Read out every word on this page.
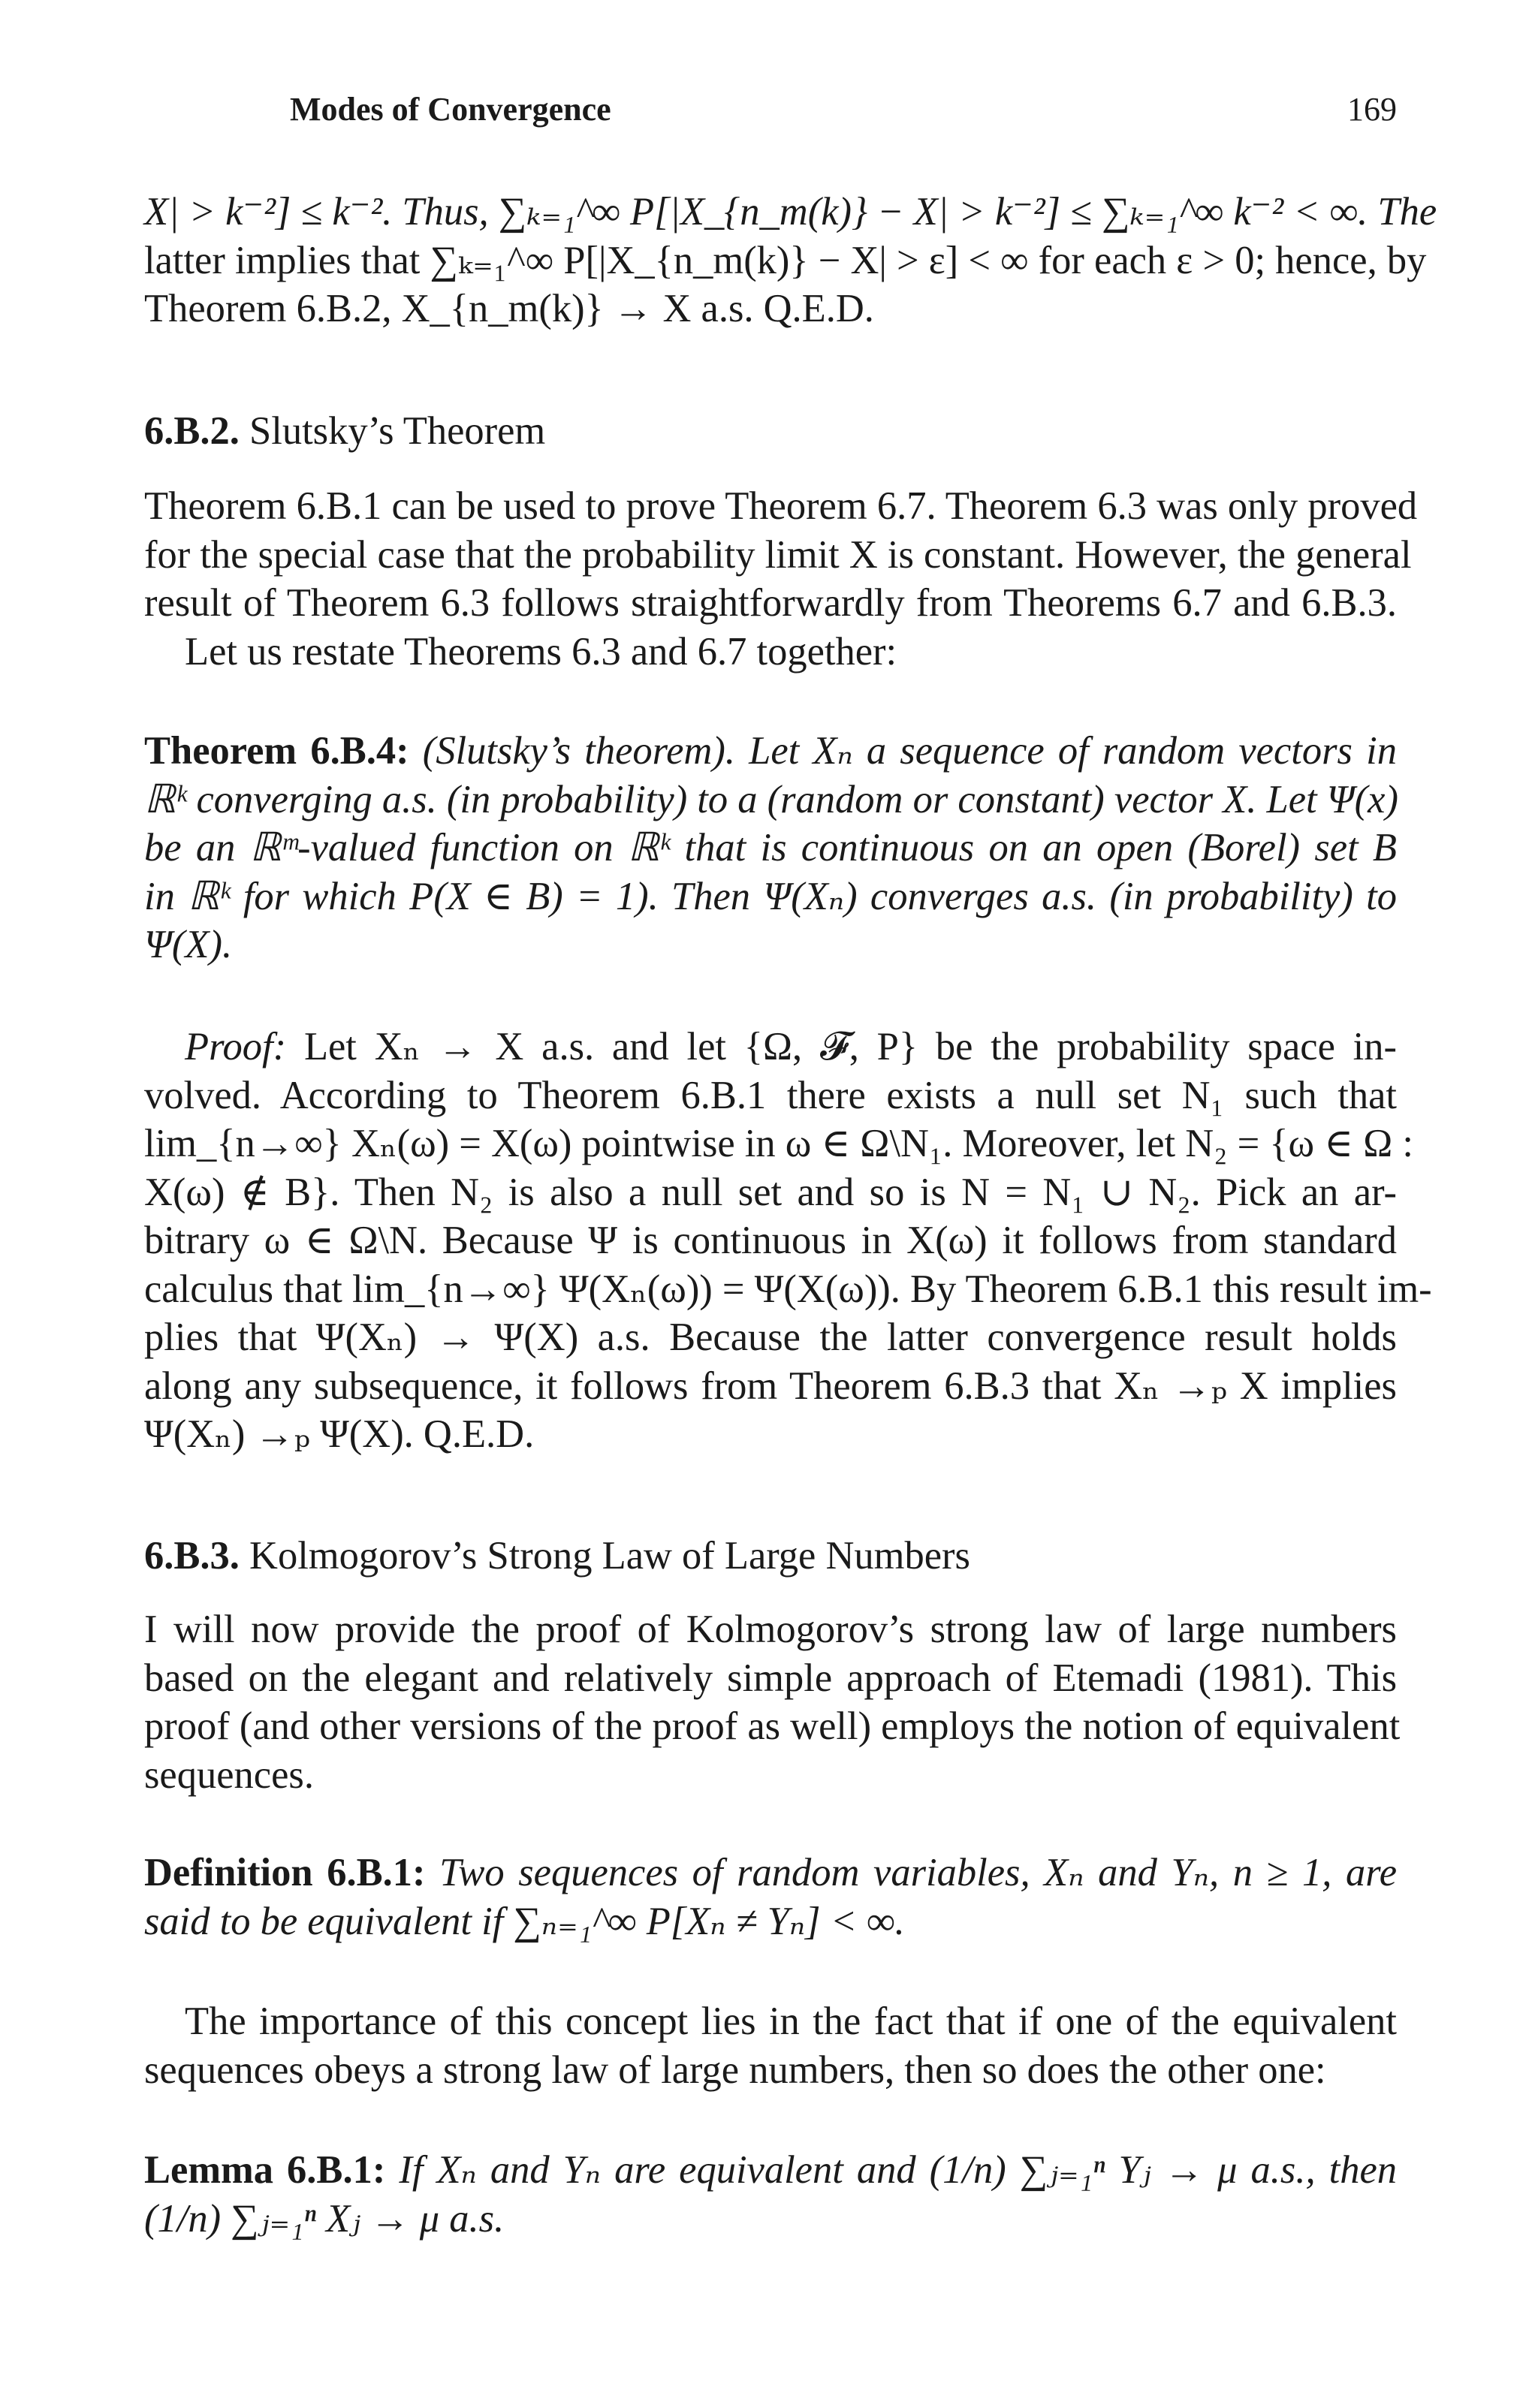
Modes of Convergence	169
X| > k⁻²] ≤ k⁻². Thus, ∑ₖ₌₁^∞ P[|X_{n_m(k)} − X| > k⁻²] ≤ ∑ₖ₌₁^∞ k⁻² < ∞. The
latter implies that ∑ₖ₌₁^∞ P[|X_{n_m(k)} − X| > ε] < ∞ for each ε > 0; hence, by
Theorem 6.B.2, X_{n_m(k)} → X a.s. Q.E.D.
6.B.2. Slutsky’s Theorem
Theorem 6.B.1 can be used to prove Theorem 6.7. Theorem 6.3 was only proved
for the special case that the probability limit X is constant. However, the general
result of Theorem 6.3 follows straightforwardly from Theorems 6.7 and 6.B.3.
Let us restate Theorems 6.3 and 6.7 together:
Theorem 6.B.4: (Slutsky’s theorem). Let Xₙ a sequence of random vectors in
ℝᵏ converging a.s. (in probability) to a (random or constant) vector X. Let Ψ(x)
be an ℝᵐ-valued function on ℝᵏ that is continuous on an open (Borel) set B
in ℝᵏ for which P(X ∈ B) = 1). Then Ψ(Xₙ) converges a.s. (in probability) to
Ψ(X).
Proof: Let Xₙ → X a.s. and let {Ω, 𝓕, P} be the probability space in-
volved. According to Theorem 6.B.1 there exists a null set N₁ such that
lim_{n→∞} Xₙ(ω) = X(ω) pointwise in ω ∈ Ω\N₁. Moreover, let N₂ = {ω ∈ Ω :
X(ω) ∉ B}. Then N₂ is also a null set and so is N = N₁ ∪ N₂. Pick an ar-
bitrary ω ∈ Ω\N. Because Ψ is continuous in X(ω) it follows from standard
calculus that lim_{n→∞} Ψ(Xₙ(ω)) = Ψ(X(ω)). By Theorem 6.B.1 this result im-
plies that Ψ(Xₙ) → Ψ(X) a.s. Because the latter convergence result holds
along any subsequence, it follows from Theorem 6.B.3 that Xₙ →ₚ X implies
Ψ(Xₙ) →ₚ Ψ(X). Q.E.D.
6.B.3. Kolmogorov’s Strong Law of Large Numbers
I will now provide the proof of Kolmogorov’s strong law of large numbers
based on the elegant and relatively simple approach of Etemadi (1981). This
proof (and other versions of the proof as well) employs the notion of equivalent
sequences.
Definition 6.B.1: Two sequences of random variables, Xₙ and Yₙ, n ≥ 1, are
said to be equivalent if ∑ₙ₌₁^∞ P[Xₙ ≠ Yₙ] < ∞.
The importance of this concept lies in the fact that if one of the equivalent
sequences obeys a strong law of large numbers, then so does the other one:
Lemma 6.B.1: If Xₙ and Yₙ are equivalent and (1/n) ∑ⱼ₌₁ⁿ Yⱼ → μ a.s., then
(1/n) ∑ⱼ₌₁ⁿ Xⱼ → μ a.s.
